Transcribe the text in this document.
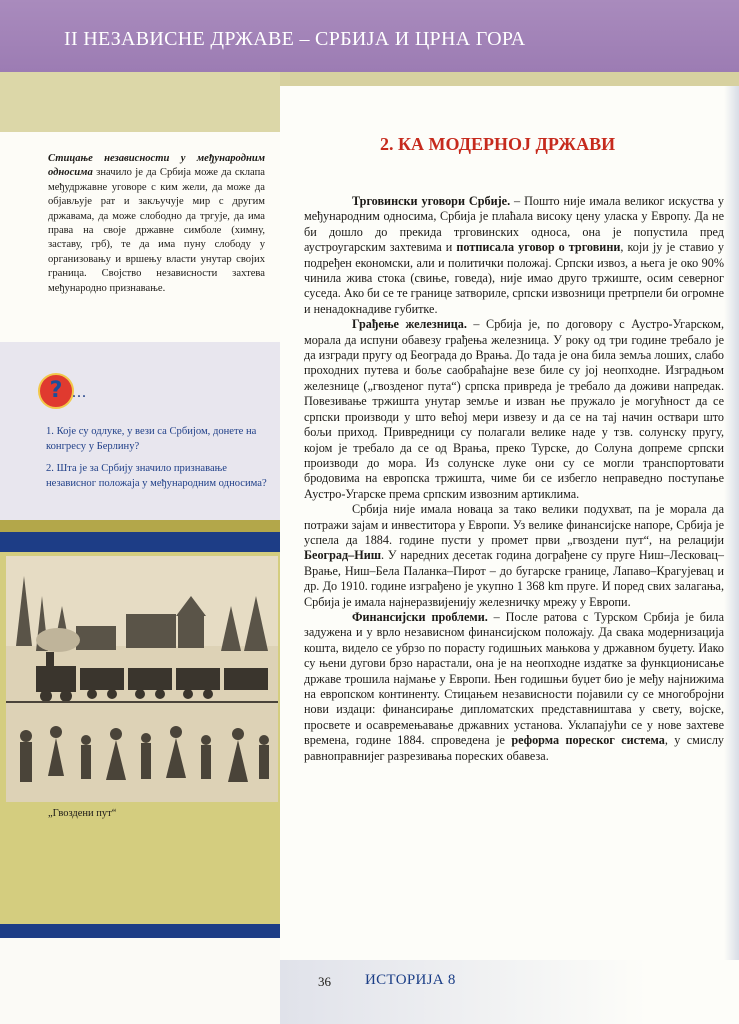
II НЕЗАВИСНЕ ДРЖАВЕ – СРБИЈА И ЦРНА ГОРА
Стицање независности у међународним односима значило је да Србија може да склапа међудржавне уговоре с ким жели, да може да објављује рат и закључује мир с другим државама, да може слободно да тргује, да има права на своје државне симболе (химну, заставу, грб), те да има пуну слободу у организовању и вршењу власти унутар својих граница. Својство независности захтева међународно признавање.
? ...
1. Које су одлуке, у вези са Србијом, донете на конгресу у Берлину?
2. Шта је за Србију значило признавање независног положаја у међународним односима?
„Гвоздени пут“
2. КА МОДЕРНОЈ ДРЖАВИ

Трговински уговори Србије. – Пошто није имала великог искуства у међународним односима, Србија је плаћала високу цену уласка у Европу. Да не би дошло до прекида трговинских односа, она је попустила пред аустроугарским захтевима и потписала уговор о трговини, који ју је ставио у подређен економски, али и политички положај. Српски извоз, а њега је око 90% чинила жива стока (свиње, говеда), није имао друго тржиште, осим северног суседа. Ако би се те границе затвориле, српски извозници претрпели би огромне и ненадокнадиве губитке.

Грађење железница. – Србија је, по договору с Аустро-Угарском, морала да испуни обавезу грађења железница. У року од три године требало је да изгради пругу од Београда до Врања. До тада је она била земља лоших, слабо проходних путева и боље саобраћајне везе биле су јој неопходне. Изградњом железнице („гвозденог пута“) српска привреда је требало да доживи напредак. Повезивање тржишта унутар земље и изван ње пружало је могућност да се српски производи у што већој мери извезу и да се на тај начин оствари што бољи приход. Привредници су полагали велике наде у тзв. солунску пругу, којом је требало да се од Врања, преко Турске, до Солуна допреме српски производи до мора. Из солунске луке они су се могли транспортовати бродовима на европска тржишта, чиме би се избегло неправедно поступање Аустро-Угарске према српским извозним артиклима.

Србија није имала новаца за тако велики подухват, па је морала да потражи зајам и инвеститора у Европи. Уз велике финансијске напоре, Србија је успела да 1884. године пусти у промет први „гвоздени пут“, на релацији Београд–Ниш. У наредних десетак година дограђене су пруге Ниш–Лесковац–Врање, Ниш–Бела Паланка–Пирот – до бугарске границе, Лапаво–Крагујевац и др. До 1910. године изграђено је укупно 1 368 km пруге. И поред свих залагања, Србија је имала најнеразвијенију железничку мрежу у Европи.

Финансијски проблеми. – После ратова с Турском Србија је била задужена и у врло независном финансијском положају. Да свака модернизација кошта, видело се убрзо по порасту годишњих мањкова у државном буџету. Иако су њени дугови брзо нарастали, она је на неопходне издатке за функционисање државе трошила најмање у Европи. Њен годишњи буџет био је међу најнижима на европском континенту. Стицањем независности појавили су се многобројни нови издаци: финансирање дипломатских представништава у свету, војске, просвете и осавремењавање државних установа. Уклапајући се у нове захтеве времена, године 1884. спроведена је реформа пореског система, у смислу равноправнијег разрезивања пореских обавеза.

36 ИСТОРИЈА 8
